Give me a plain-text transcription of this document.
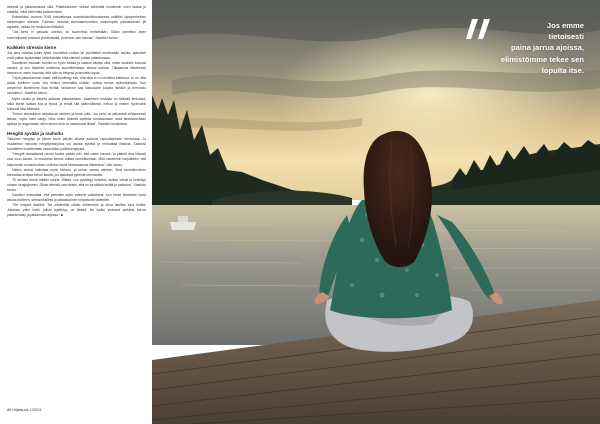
stressiä ja palautumassa siitä. Pitkäkestoinen stressi vähentää muutenkin unen laatua ja määrää, mikä heikentää palautumista.

Esimerkiksi vuonna 2018 toteutetussa suomalaistutkimuksessa tutkittiin lapsiperheiden vanhempien stressiä. Tulosten mukaan stressaantuneiden vanhempien palautuminen jäi vajaaksi, vaikka he nukkuivat riittävästi.

”Jos keho ei palaudu unessa, se kuormittuu entisestään. Silloin pienetkin arjen kommellukset tuntuvat ylivoimaisilta, ja stressi vain kasvaa”, Saarikivi kertoo.

Kaikkein stressin kierre

Jos aina odottaa jotain työtä, kuuntelee uutisia tai pyörittelee mielessään asioita, ajatukset eivät pääse lepäämään hetkeksikään eikä elimistö pääse palautumaan.

Saarikiven mukaan monilla on hyvin tarkka ja vaativa käsitys siitä, miten asioiden kuuluisi mennä, ja kun käytäntö poikkeaa suunnitelmasta, stressi kasvaa. Tällaisessa tilanteessa ihminen ei usein huomaa, että hän on väsynyt ja tarvitsisi lepoa.

”Hyvä palautuminen vaatii, että hyväksyy sen, että aina ei voi onnistua kaikessa. Jo se, että antaa itselleen luvan olla hetken tekemättä mitään, auttaa kehoa rauhoittumaan. Kun annamme itsellemme tilaa levätä, kehomme saa tilaisuuden korjata itseään ja hermosto rauhoittuu”, Saarikivi sanoo.

Myös ulkoilu ja liikunta auttavat palautumaan. Saarikiven mukaan on tärkeää tiedostaa, mikä itselle tuottaa iloa ja lepoa, ja tehdä sitä säännöllisesti. Kehon ja mielen hyvinvointi kulkevat käsi kädessä.

”Kehon stressitasot heijastuvat mieleen ja toisin päin. Jos keho on jatkuvasti virittyneessä tilassa, myös mieli väsyy. Siksi onkin tärkeää opetella tunnistamaan omia stressioireitaan ajoissa ja reagoimaan niihin ennen kuin ne kasautuvat liiaksi”, Saarikivi muistuttaa.

Hengitä syvään ja rauhoitu

Tietoinen hengitys ja pienet tauot päivän aikana auttavat rauhoittamaan hermostoa. Jo muutaman minuutin hengitysharjoitus voi laskea sykettä ja rentouttaa lihaksia. Saarikivi suosittelee kokeilemaan esimerkiksi palleahengitystä.

”Hengitä rauhallisesti nenän kautta sisään niin, että vatsa nousee, ja päästä ilma hitaasti ulos suun kautta. Jo muutama kierros auttaa rauhoittumaan. Mitä useammin harjoittelee, sitä helpommin rentoutuminen onnistuu myös stressaavissa tilanteissa”, hän sanoo.

Mielen stressi vaikuttaa myös kehoon, ja kehon stressi mieleen. Siksi rauhoittuminen kannattaa aloittaa kehon kautta, jos ajatukset pyörivät kierroksilla.

”Ei tarvitse tehdä mitään suurta. Riittää, kun pysähtyy hetkeksi, sulkee silmät ja keskittyy omaan hengitykseen. Silloin elimistö saa viestin, että on turvallista levätä ja palautua”, Saarikivi kertoo.

Saarikivi muistuttaa, että pienetkin arjen valinnat vaikuttavat. Kun tekee tietoisesti hyviä asioita itselleen, stressinhallinta ja palautuminen helpottuvat vähitellen.

”Ole lempeä itsellesi. Tee mielestäsi vähän vähemmän ja anna itsellesi lupa levätä. Jokainen pieni hetki, jolloin pysähtyy, on tärkeä. Ne kaikki yhdessä auttavat kehoa palautumaan ja jaksamaan arjessa.” ■

86 Hiljaisuus 1/2024
Jos emme
tietoisesti
paina jarrua ajoissa,
elimistömme tekee sen
lopulta itse.
